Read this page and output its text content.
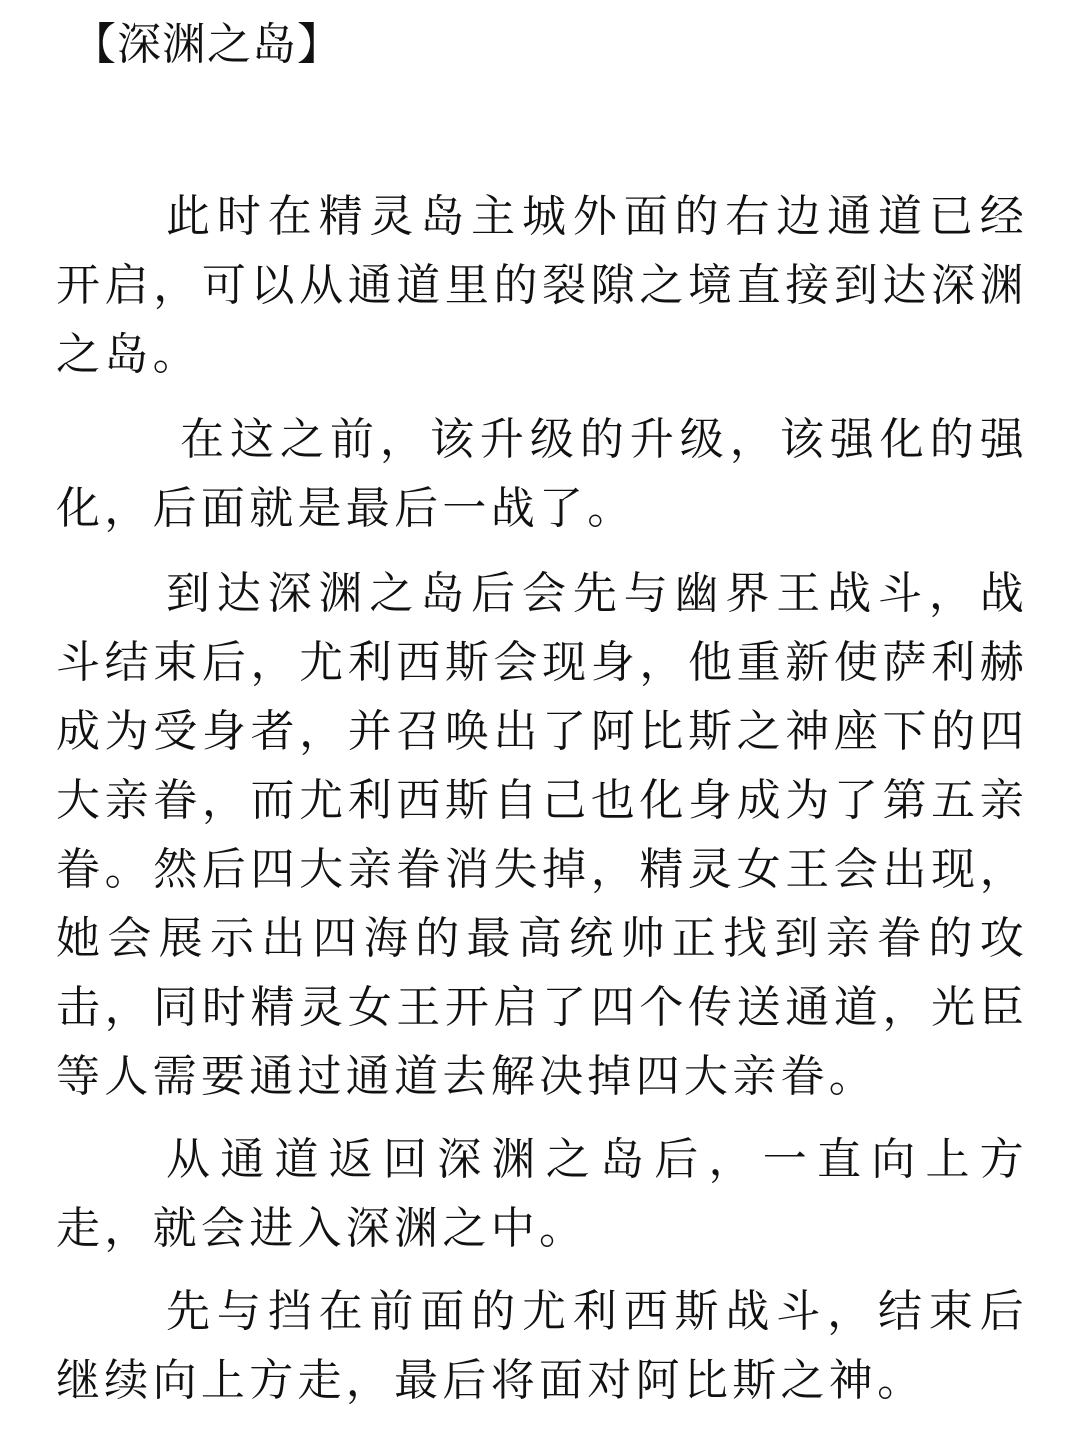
【深渊之岛】

此时在精灵岛主城外面的右边通道已经开启，可以从通道里的裂隙之境直接到达深渊之岛。

在这之前，该升级的升级，该强化的强化，后面就是最后一战了。

到达深渊之岛后会先与幽界王战斗，战斗结束后，尤利西斯会现身，他重新使萨利赫成为受身者，并召唤出了阿比斯之神座下的四大亲眷，而尤利西斯自己也化身成为了第五亲眷。然后四大亲眷消失掉，精灵女王会出现，她会展示出四海的最高统帅正找到亲眷的攻击，同时精灵女王开启了四个传送通道，光臣等人需要通过通道去解决掉四大亲眷。

从通道返回深渊之岛后，一直向上方走，就会进入深渊之中。

先与挡在前面的尤利西斯战斗，结束后继续向上方走，最后将面对阿比斯之神。
